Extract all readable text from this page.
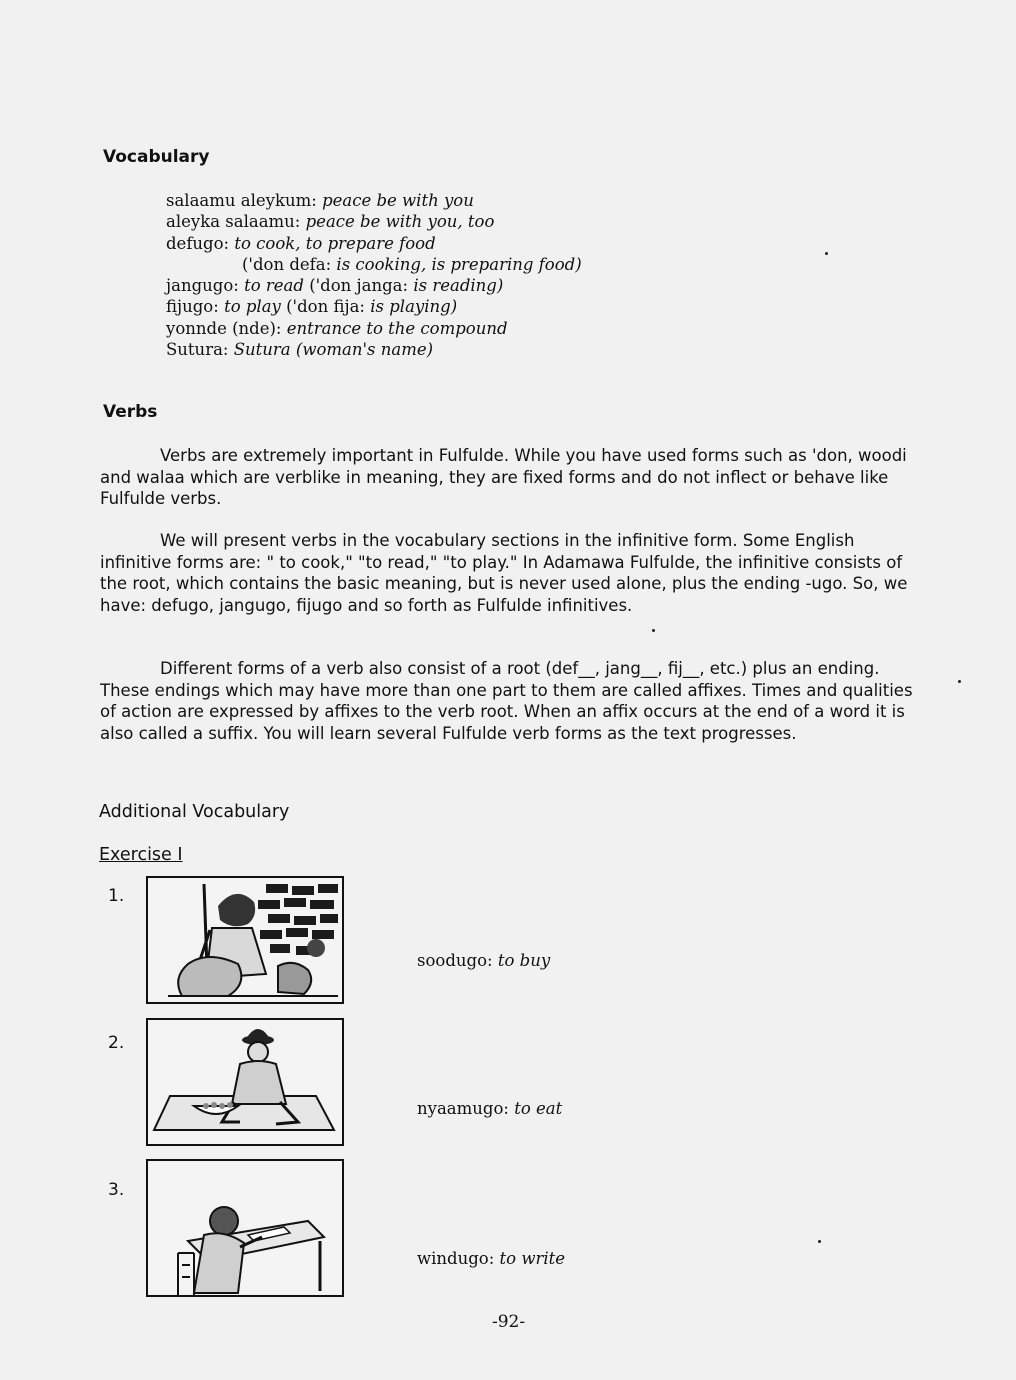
Vocabulary
salaamu aleykum: peace be with you
aleyka salaamu: peace be with you, too
defugo: to cook, to prepare food
('don defa: is cooking, is preparing food)
jangugo: to read ('don janga: is reading)
fijugo: to play ('don fija: is playing)
yonnde (nde): entrance to the compound
Sutura: Sutura (woman's name)
Verbs

Verbs are extremely important in Fulfulde. While you have used forms such as 'don, woodi and walaa which are verblike in meaning, they are fixed forms and do not inflect or behave like Fulfulde verbs.

We will present verbs in the vocabulary sections in the infinitive form. Some English infinitive forms are: " to cook," "to read," "to play." In Adamawa Fulfulde, the infinitive consists of the root, which contains the basic meaning, but is never used alone, plus the ending -ugo. So, we have: defugo, jangugo, fijugo and so forth as Fulfulde infinitives.

Different forms of a verb also consist of a root (def__, jang__, fij__, etc.) plus an ending. These endings which may have more than one part to them are called affixes. Times and qualities of action are expressed by affixes to the verb root. When an affix occurs at the end of a word it is also called a suffix. You will learn several Fulfulde verb forms as the text progresses.

Additional Vocabulary
Exercise I
1.
soodugo: to buy
2.
nyaamugo: to eat
3.
windugo: to write
-92-
